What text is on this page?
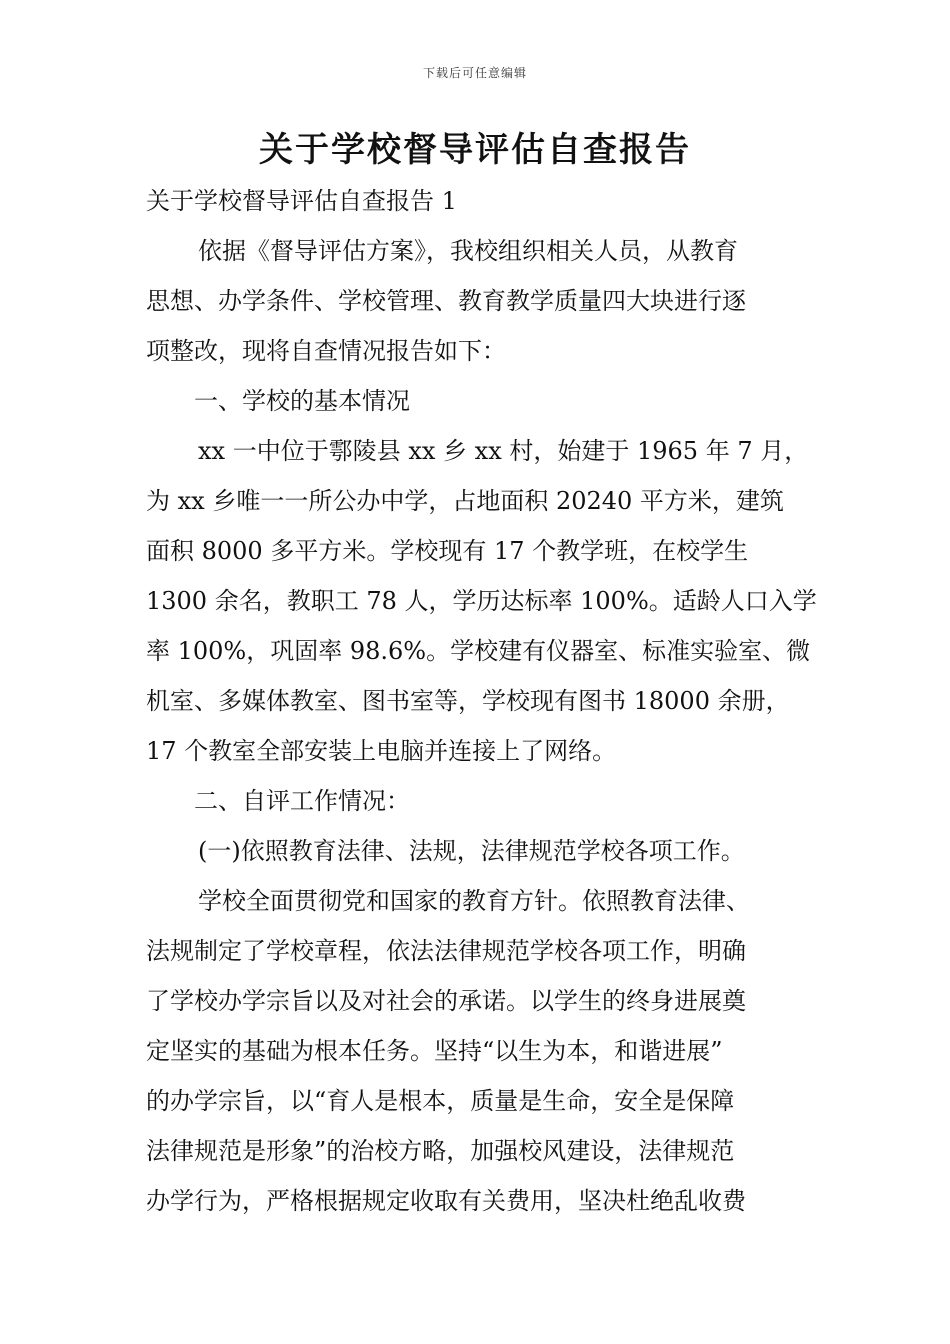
下载后可任意编辑
关于学校督导评估自查报告
关于学校督导评估自查报告 1
依据《督导评估方案》，我校组织相关人员，从教育
思想、办学条件、学校管理、教育教学质量四大块进行逐
项整改，现将自查情况报告如下：
一、学校的基本情况
xx 一中位于鄠陵县 xx 乡 xx 村，始建于 1965 年 7 月，
为 xx 乡唯一一所公办中学，占地面积 20240 平方米，建筑
面积 8000 多平方米。学校现有 17 个教学班，在校学生
1300 余名，教职工 78 人，学历达标率 100%。适龄人口入学
率 100%，巩固率 98.6%。学校建有仪器室、标准实验室、微
机室、多媒体教室、图书室等，学校现有图书 18000 余册，
17 个教室全部安装上电脑并连接上了网络。
二、自评工作情况：
(一)依照教育法律、法规，法律规范学校各项工作。
学校全面贯彻党和国家的教育方针。依照教育法律、
法规制定了学校章程，依法法律规范学校各项工作，明确
了学校办学宗旨以及对社会的承诺。以学生的终身进展奠
定坚实的基础为根本任务。坚持“以生为本，和谐进展”
的办学宗旨，以“育人是根本，质量是生命，安全是保障
法律规范是形象”的治校方略，加强校风建设，法律规范
办学行为，严格根据规定收取有关费用，坚决杜绝乱收费
